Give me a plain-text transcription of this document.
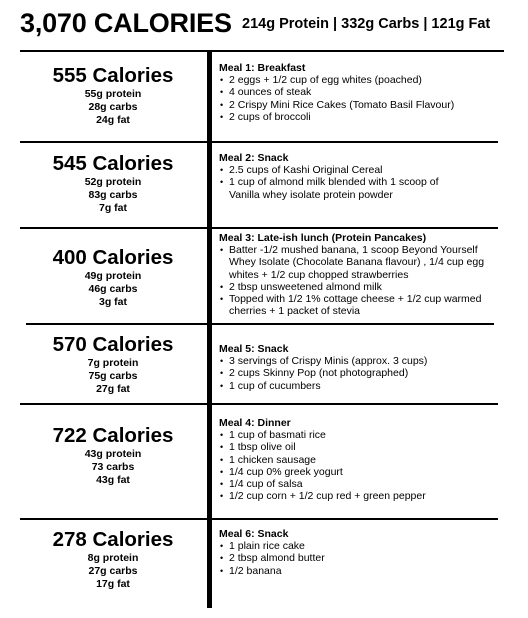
3,070 CALORIES 214g Protein | 332g Carbs | 121g Fat
555 Calories
55g protein
28g carbs
24g fat
Meal 1: Breakfast
• 2 eggs + 1/2 cup of egg whites (poached)
• 4 ounces of steak
• 2 Crispy Mini Rice Cakes (Tomato Basil Flavour)
• 2 cups of broccoli
545 Calories
52g protein
83g carbs
7g fat
Meal 2: Snack
• 2.5 cups of Kashi Original Cereal
• 1 cup of almond milk blended with 1 scoop of Vanilla whey isolate protein powder
400 Calories
49g protein
46g carbs
3g fat
Meal 3: Late-ish lunch (Protein Pancakes)
• Batter -1/2 mushed banana, 1 scoop Beyond Yourself Whey Isolate (Chocolate Banana flavour) , 1/4 cup egg whites + 1/2 cup chopped strawberries
• 2 tbsp unsweetened almond milk
• Topped with 1/2 1% cottage cheese + 1/2 cup warmed cherries + 1 packet of stevia
570 Calories
7g protein
75g carbs
27g fat
Meal 5: Snack
• 3 servings of Crispy Minis (approx. 3 cups)
• 2 cups Skinny Pop (not photographed)
• 1 cup of cucumbers
722 Calories
43g protein
73 carbs
43g fat
Meal 4: Dinner
• 1 cup of basmati rice
• 1 tbsp olive oil
• 1 chicken sausage
• 1/4 cup 0% greek yogurt
• 1/4 cup of salsa
• 1/2 cup corn + 1/2 cup red + green pepper
278 Calories
8g protein
27g carbs
17g fat
Meal 6: Snack
• 1 plain rice cake
• 2 tbsp almond butter
• 1/2 banana
